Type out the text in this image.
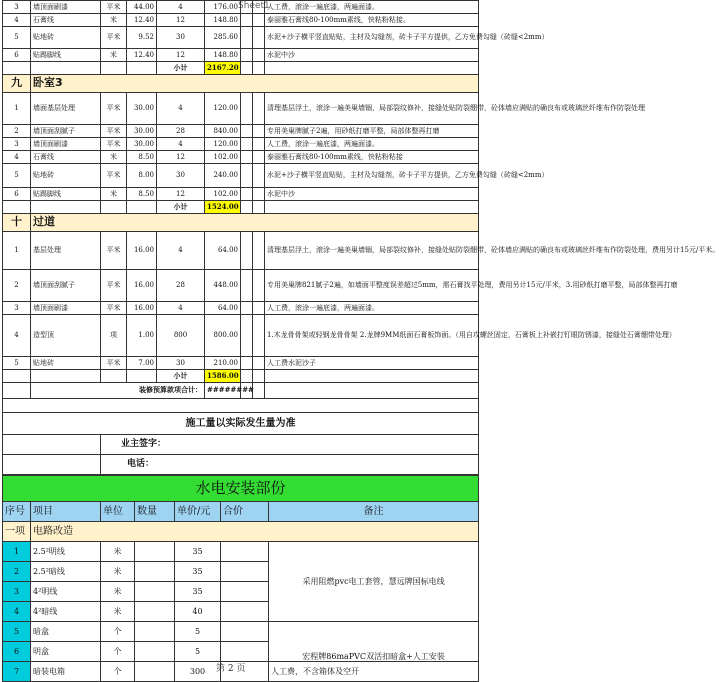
Sheet1
3	墙顶面刷漆	平米	44.00	4	176.00			人工费，滚涂一遍底漆，两遍面漆。
4	石膏线	米	12.40	12	148.80			泰丽雅石膏线80-100mm素线，快粘粉粘接。
5	贴地砖	平米	9.52	30	285.60			水泥+沙子横平竖直贴贴，主材及勾缝剂，砖卡子平方提供，乙方免费勾缝（砖缝<2mm）
6	贴踢脚线	米	12.40	12	148.80			水泥中沙
				小计	2167.20			
九	卧室3							
1	墙面基层处理	平米	30.00	4	120.00			清理基层浮土，滚涂一遍美巢墙锢，局部裂纹修补，接缝处贴防裂绷带，砼体墙应满贴的确良布或玻璃丝纤维布作防裂处理
2	墙顶面刮腻子	平米	30.00	28	840.00			专用美巢牌腻子2遍，用砂纸打磨平整，局部体整再打磨
3	墙顶面刷漆	平米	30.00	4	120.00			人工费，滚涂一遍底漆，两遍面漆。
4	石膏线	米	8.50	12	102.00			泰丽雅石膏线80-100mm素线，快粘粉粘接
5	贴地砖	平米	8.00	30	240.00			水泥+沙子横平竖直贴贴，主材及勾缝剂，砖卡子平方提供，乙方免费勾缝（砖缝<2mm）
6	贴踢脚线	米	8.50	12	102.00			水泥中沙
				小计	1524.00			
十	过道							
1	基层处理	平米	16.00	4	64.00			清理基层浮土，滚涂一遍美巢墙锢，局部裂纹修补，接缝处贴防裂绷带，砼体墙应满贴的确良布或玻璃丝纤维布作防裂处理，费用另计15元/平米。
2	墙顶面刮腻子	平米	16.00	28	448.00			专用美巢牌821腻子2遍，如墙面平整度误差超过5mm，需石膏找平处理，费用另计15元/平米，3.用砂纸打磨平整，局部体整再打磨
3	墙顶面刷漆	平米	16.00	4	64.00			人工费，滚涂一遍底漆，两遍面漆。
4	造型顶	项	1.00	800	800.00			1.木龙骨骨架或轻钢龙骨骨架 2.龙牌9MM纸面石膏板饰面。（用自攻螺丝固定，石膏板上补嵌打钉眼防锈漆，接缝处石膏绷带处理）
5	贴地砖	平米	7.00	30	210.00			人工费水泥沙子
				小计	1586.00			
	装修预算款项合计：				########			

施工量以实际发生量为准								
		业主签字：						
		电话：						
水电安装部份						
序号	项目	单位	数量	单价/元	合价	备注
一项	电路改造					
1	2.5²明线	米		35		采用阻燃pvc电工套管，慧远牌国标电线
2	2.5²暗线	米		35		
3	4²明线	米		35		
4	4²暗线	米		40		
5	暗盒	个		5		宏程牌86maPVC双活扣暗盒+人工安装
6	明盒	个		5		
7	暗装电箱	个		300		人工费，不含箱体及空开
第 2 页
